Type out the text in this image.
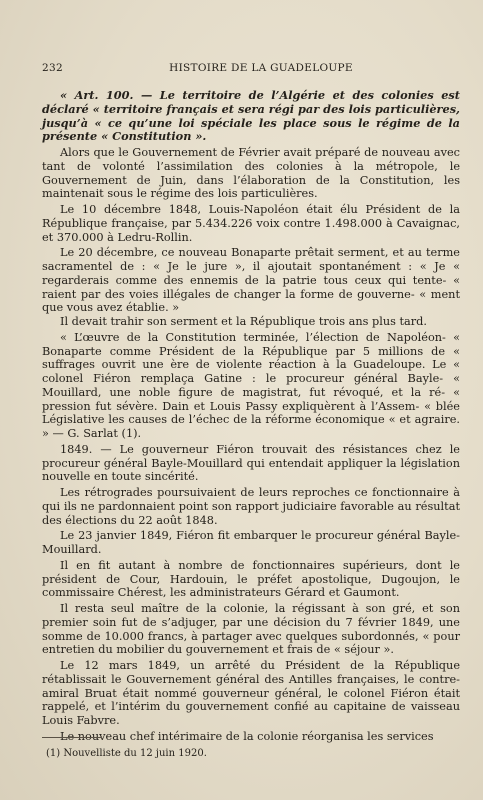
232	HISTOIRE DE LA GUADELOUPE

« Art. 100. — Le territoire de l’Algérie et des colonies est déclaré « territoire français et sera régi par des lois particulières, jusqu’à « ce qu’une loi spéciale les place sous le régime de la présente « Constitution ».

Alors que le Gouvernement de Février avait préparé de nouveau avec tant de volonté l’assimilation des colonies à la métropole, le Gouvernement de Juin, dans l’élaboration de la Constitution, les maintenait sous le régime des lois particulières.

Le 10 décembre 1848, Louis-Napoléon était élu Président de la République française, par 5.434.226 voix contre 1.498.000 à Cavaignac, et 370.000 à Ledru-Rollin.

Le 20 décembre, ce nouveau Bonaparte prêtait serment, et au terme sacramentel de : « Je le jure », il ajoutait spontanément : « Je « regarderais comme des ennemis de la patrie tous ceux qui tente- « raient par des voies illégales de changer la forme de gouverne- « ment que vous avez établie. »

Il devait trahir son serment et la République trois ans plus tard.

« L’œuvre de la Constitution terminée, l’élection de Napoléon- « Bonaparte comme Président de la République par 5 millions de « suffrages ouvrit une ère de violente réaction à la Guadeloupe. Le « colonel Fiéron remplaça Gatine : le procureur général Bayle- « Mouillard, une noble figure de magistrat, fut révoqué, et la ré- « pression fut sévère. Dain et Louis Passy expliquèrent à l’Assem- « blée Législative les causes de l’échec de la réforme économique « et agraire. » — G. Sarlat (1).

1849. — Le gouverneur Fiéron trouvait des résistances chez le procureur général Bayle-Mouillard qui entendait appliquer la législation nouvelle en toute sincérité.

Les rétrogrades poursuivaient de leurs reproches ce fonctionnaire à qui ils ne pardonnaient point son rapport judiciaire favorable au résultat des élections du 22 août 1848.

Le 23 janvier 1849, Fiéron fit embarquer le procureur général Bayle-Mouillard.

Il en fit autant à nombre de fonctionnaires supérieurs, dont le président de Cour, Hardouin, le préfet apostolique, Dugoujon, le commissaire Chérest, les administrateurs Gérard et Gaumont.

Il resta seul maître de la colonie, la régissant à son gré, et son premier soin fut de s’adjuger, par une décision du 7 février 1849, une somme de 10.000 francs, à partager avec quelques subordonnés, « pour entretien du mobilier du gouvernement et frais de « séjour ».

Le 12 mars 1849, un arrêté du Président de la République rétablissait le Gouvernement général des Antilles françaises, le contre-amiral Bruat était nommé gouverneur général, le colonel Fiéron était rappelé, et l’intérim du gouvernement confié au capitaine de vaisseau Louis Fabvre.

Le nouveau chef intérimaire de la colonie réorganisa les services

(1) Nouvelliste du 12 juin 1920.
